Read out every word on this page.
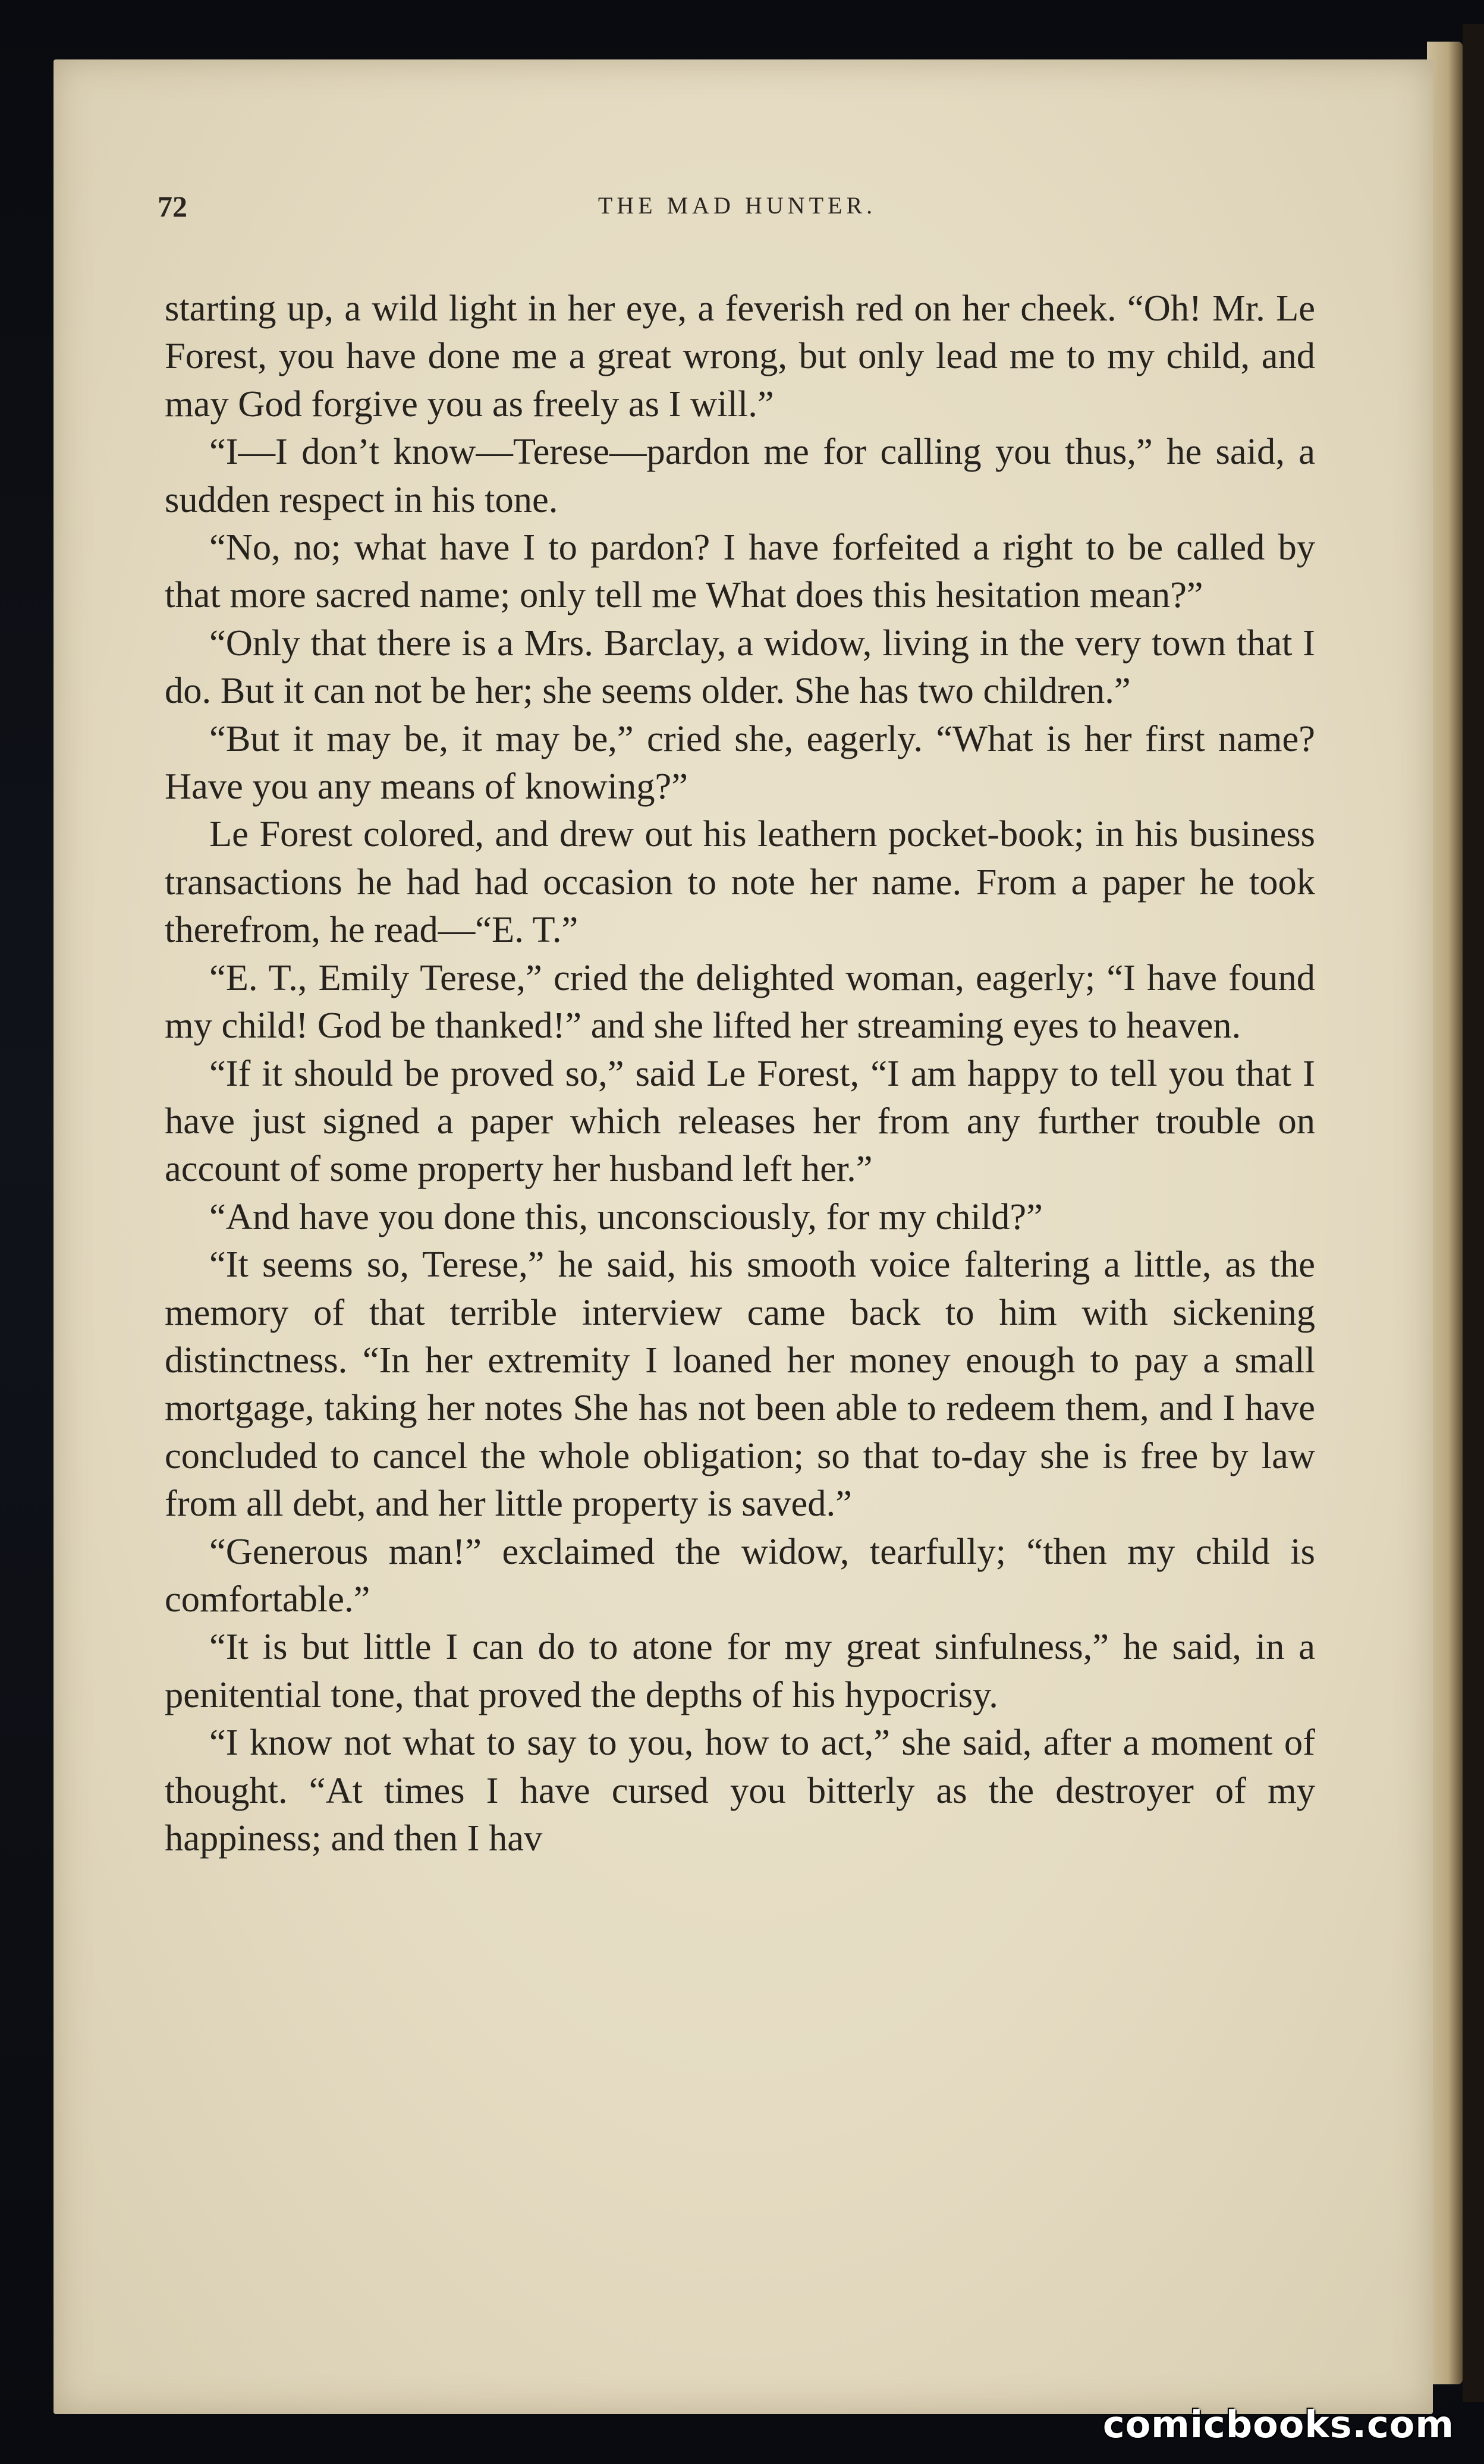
72	THE MAD HUNTER.

starting up, a wild light in her eye, a feverish red on her cheek. “Oh! Mr. Le Forest, you have done me a great wrong, but only lead me to my child, and may God forgive you as freely as I will.”

“I—I don’t know—Terese—pardon me for calling you thus,” he said, a sudden respect in his tone.

“No, no; what have I to pardon? I have forfeited a right to be called by that more sacred name; only tell me What does this hesitation mean?”

“Only that there is a Mrs. Barclay, a widow, living in the very town that I do. But it can not be her; she seems older. She has two children.”

“But it may be, it may be,” cried she, eagerly. “What is her first name? Have you any means of knowing?”

Le Forest colored, and drew out his leathern pocket-book; in his business transactions he had had occasion to note her name. From a paper he took therefrom, he read—“E. T.”

“E. T., Emily Terese,” cried the delighted woman, eagerly; “I have found my child! God be thanked!” and she lifted her streaming eyes to heaven.

“If it should be proved so,” said Le Forest, “I am happy to tell you that I have just signed a paper which releases her from any further trouble on account of some property her husband left her.”

“And have you done this, unconsciously, for my child?”

“It seems so, Terese,” he said, his smooth voice faltering a little, as the memory of that terrible interview came back to him with sickening distinctness. “In her extremity I loaned her money enough to pay a small mortgage, taking her notes She has not been able to redeem them, and I have concluded to cancel the whole obligation; so that to-day she is free by law from all debt, and her little property is saved.”

“Generous man!” exclaimed the widow, tearfully; “then my child is comfortable.”

“It is but little I can do to atone for my great sinfulness,” he said, in a penitential tone, that proved the depths of his hypocrisy.

“I know not what to say to you, how to act,” she said, after a moment of thought. “At times I have cursed you bitterly as the destroyer of my happiness; and then I hav

comicbooks.com
